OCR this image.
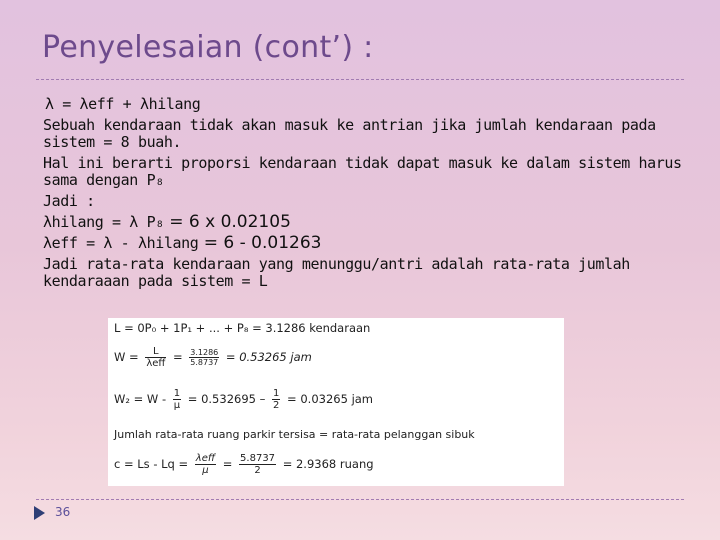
Penyelesaian (cont’) :

λ = λeff + λhilang

Sebuah kendaraan tidak akan masuk ke antrian jika jumlah kendaraan pada

sistem = 8 buah.

Hal ini berarti proporsi kendaraan tidak dapat masuk ke dalam sistem harus

sama dengan P₈

Jadi :

λhilang = λ P₈ = 6 x 0.02105

λeff = λ - λhilang = 6 - 0.01263

Jadi rata-rata kendaraan yang menunggu/antri adalah rata-rata jumlah

kendaraaan pada sistem = L

L = 0P₀ + 1P₁ + ... + P₈ = 3.1286 kendaraan
$W = \frac{L}{\text{λeff}} = \frac{3.1286}{5.8737} = 0.53265$ jam
$W_2 = W - \frac{1}{\mu} = 0.532695 - \frac{1}{2} = 0.03265$ jam
Jumlah rata-rata ruang parkir tersisa = rata-rata pelanggan sibuk
$c = Ls - Lq = \frac{\text{λeff}}{\mu} = \frac{5.8737}{2} = 2.9368$ ruang
36
